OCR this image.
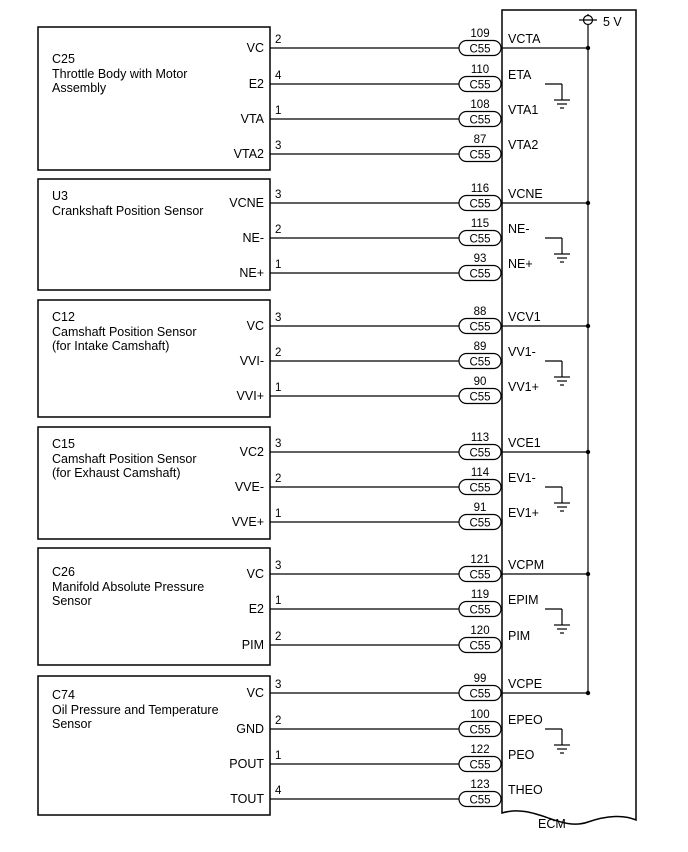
ECM
5 V
C25
Throttle Body with Motor
Assembly
VC
2	109
C55
VCTA
E2
4	110
C55
ETA
VTA
1	108
C55
VTA1
VTA2
3	87
C55
VTA2
U3
Crankshaft Position Sensor
VCNE
3	116
C55
VCNE
NE-
2	115
C55
NE-
NE+
1	93
C55
NE+
C12
Camshaft Position Sensor
(for Intake Camshaft)
VC
3	88
C55
VCV1
VVI-
2	89
C55
VV1-
VVI+
1	90
C55
VV1+
C15
Camshaft Position Sensor
(for Exhaust Camshaft)
VC2
3	113
C55
VCE1
VVE-
2	114
C55
EV1-
VVE+
1	91
C55
EV1+
C26
Manifold Absolute Pressure
Sensor
VC
3	121
C55
VCPM
E2
1	119
C55
EPIM
PIM
2	120
C55
PIM
C74
Oil Pressure and Temperature
Sensor
VC
3	99
C55
VCPE
GND
2	100
C55
EPEO
POUT
1	122
C55
PEO
TOUT
4	123
C55
THEO
